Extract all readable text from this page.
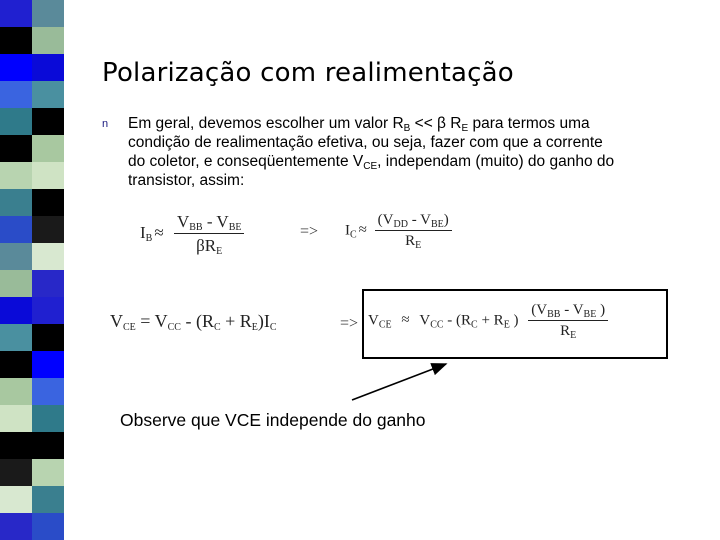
Polarização com realimentação
n Em geral, devemos escolher um valor $R_B << \beta$ $R_E$ para termos uma
condição de realimentação efetiva, ou seja, fazer com que a corrente
do coletor, e conseqüentemente $V_{CE}$, independam (muito) do ganho do
transistor, assim:
$I_B \approx \frac{V_{BB} - V_{BE}}{\beta R_E}$	=> $I_C \approx \frac{(V_{DD} - V_{BE})}{R_E}$
$V_{CE} = V_{CC} - (R_C + R_E)I_C$	=> $V_{CE} \approx V_{CC} - (R_C + R_E$ ) $\frac{(V_{BB} - V_{BE} )}{R_E}$
Observe que VCE independe do ganho
